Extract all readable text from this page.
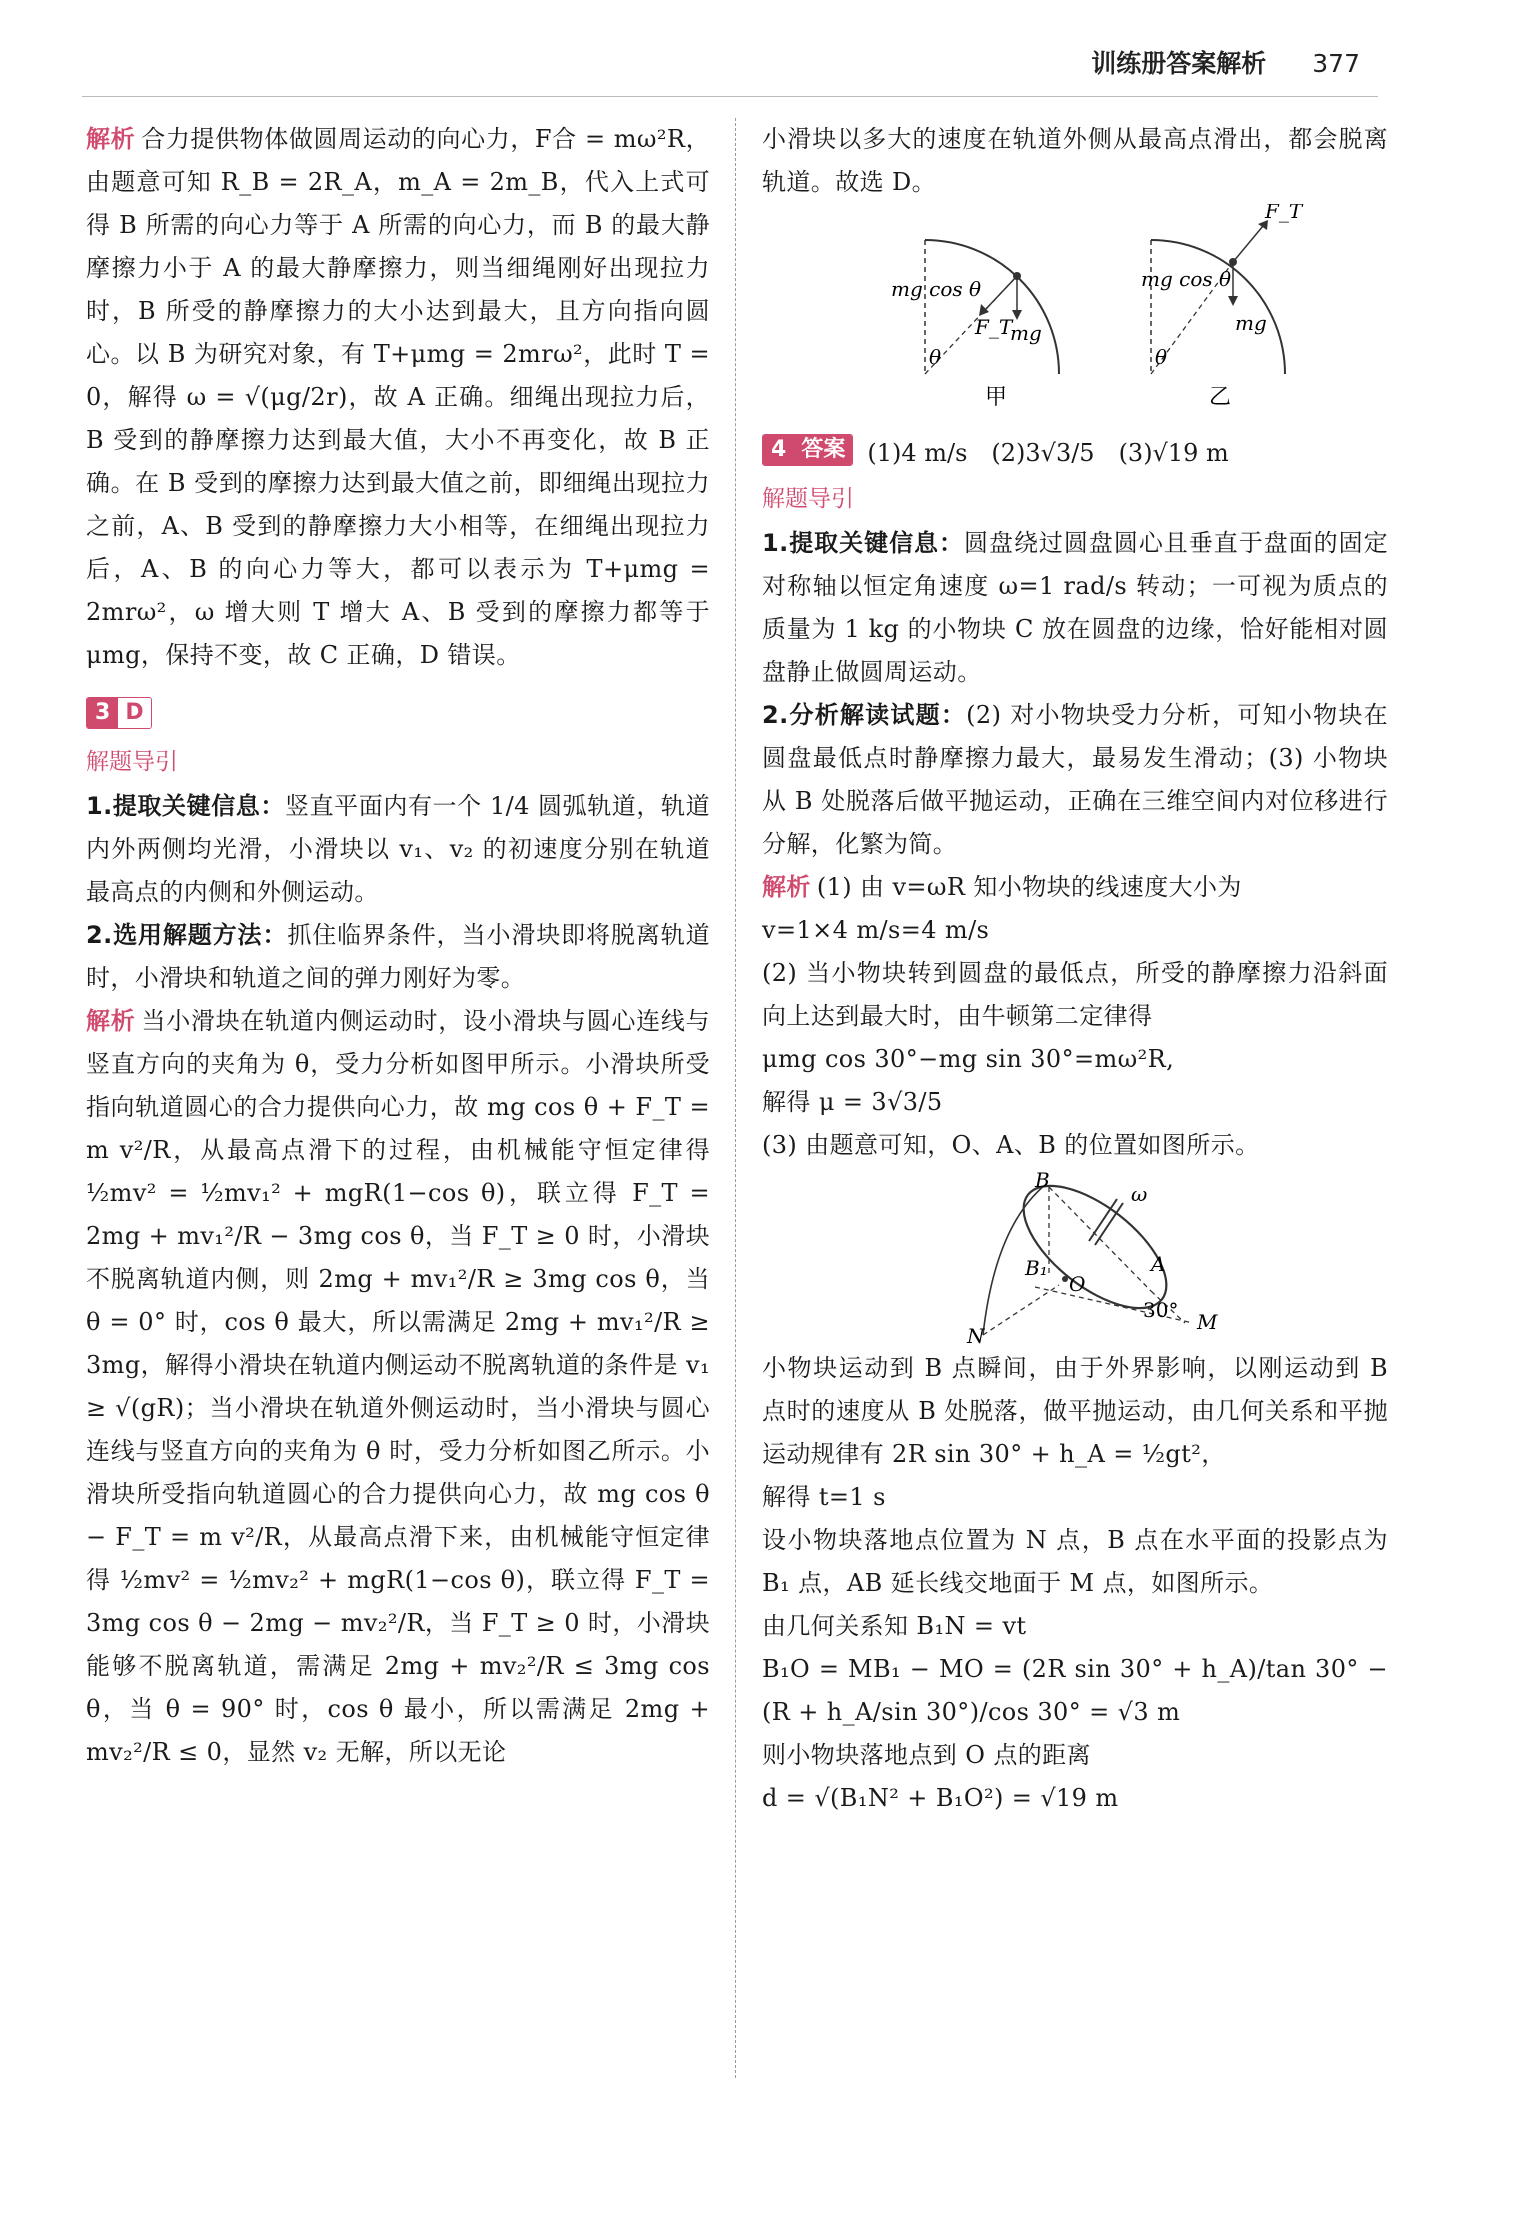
训练册答案解析 377

解析 合力提供物体做圆周运动的向心力，F合 = mω²R，由题意可知 R_B = 2R_A，m_A = 2m_B，代入上式可得 B 所需的向心力等于 A 所需的向心力，而 B 的最大静摩擦力小于 A 的最大静摩擦力，则当细绳刚好出现拉力时，B 所受的静摩擦力的大小达到最大，且方向指向圆心。以 B 为研究对象，有 T+μmg = 2mrω²，此时 T = 0，解得 ω = √(μg/2r)，故 A 正确。细绳出现拉力后，B 受到的静摩擦力达到最大值，大小不再变化，故 B 正确。在 B 受到的摩擦力达到最大值之前，即细绳出现拉力之前，A、B 受到的静摩擦力大小相等，在细绳出现拉力后，A、B 的向心力等大，都可以表示为 T+μmg = 2mrω²，ω 增大则 T 增大 A、B 受到的摩擦力都等于 μmg，保持不变，故 C 正确，D 错误。

3 D
解题导引

1.提取关键信息：竖直平面内有一个 1/4 圆弧轨道，轨道内外两侧均光滑，小滑块以 v₁、v₂ 的初速度分别在轨道最高点的内侧和外侧运动。

2.选用解题方法：抓住临界条件，当小滑块即将脱离轨道时，小滑块和轨道之间的弹力刚好为零。

解析 当小滑块在轨道内侧运动时，设小滑块与圆心连线与竖直方向的夹角为 θ，受力分析如图甲所示。小滑块所受指向轨道圆心的合力提供向心力，故 mg cos θ + F_T = m v²/R，从最高点滑下的过程，由机械能守恒定律得 ½mv² = ½mv₁² + mgR(1−cos θ)，联立得 F_T = 2mg + mv₁²/R − 3mg cos θ，当 F_T ≥ 0 时，小滑块不脱离轨道内侧，则 2mg + mv₁²/R ≥ 3mg cos θ，当 θ = 0° 时，cos θ 最大，所以需满足 2mg + mv₁²/R ≥ 3mg，解得小滑块在轨道内侧运动不脱离轨道的条件是 v₁ ≥ √(gR)；当小滑块在轨道外侧运动时，当小滑块与圆心连线与竖直方向的夹角为 θ 时，受力分析如图乙所示。小滑块所受指向轨道圆心的合力提供向心力，故 mg cos θ − F_T = m v²/R，从最高点滑下来，由机械能守恒定律得 ½mv² = ½mv₂² + mgR(1−cos θ)，联立得 F_T = 3mg cos θ − 2mg − mv₂²/R，当 F_T ≥ 0 时，小滑块能够不脱离轨道，需满足 2mg + mv₂²/R ≤ 3mg cos θ，当 θ = 90° 时，cos θ 最小，所以需满足 2mg + mv₂²/R ≤ 0，显然 v₂ 无解，所以无论

小滑块以多大的速度在轨道外侧从最高点滑出，都会脱离轨道。故选 D。

mg cos θ
mg
F_T
θ
甲
mg cos θ
mg
F_T
θ
乙
4 答案 (1)4 m/s　(2)3√3/5　(3)√19 m
解题导引

1.提取关键信息：圆盘绕过圆盘圆心且垂直于盘面的固定对称轴以恒定角速度 ω=1 rad/s 转动；一可视为质点的质量为 1 kg 的小物块 C 放在圆盘的边缘，恰好能相对圆盘静止做圆周运动。

2.分析解读试题：(2) 对小物块受力分析，可知小物块在圆盘最低点时静摩擦力最大，最易发生滑动；(3) 小物块从 B 处脱落后做平抛运动，正确在三维空间内对位移进行分解，化繁为简。

解析 (1) 由 v=ωR 知小物块的线速度大小为

v=1×4 m/s=4 m/s

(2) 当小物块转到圆盘的最低点，所受的静摩擦力沿斜面向上达到最大时，由牛顿第二定律得

μmg cos 30°−mg sin 30°=mω²R,

解得 μ = 3√3/5

(3) 由题意可知，O、A、B 的位置如图所示。

B
ω
A
B₁
O
30° M
N

小物块运动到 B 点瞬间，由于外界影响，以刚运动到 B 点时的速度从 B 处脱落，做平抛运动，由几何关系和平抛运动规律有 2R sin 30° + h_A = ½gt²，

解得 t=1 s

设小物块落地点位置为 N 点，B 点在水平面的投影点为 B₁ 点，AB 延长线交地面于 M 点，如图所示。

由几何关系知 B₁N = vt

B₁O = MB₁ − MO = (2R sin 30° + h_A)/tan 30° − (R + h_A/sin 30°)/cos 30° = √3 m

则小物块落地点到 O 点的距离

d = √(B₁N² + B₁O²) = √19 m
